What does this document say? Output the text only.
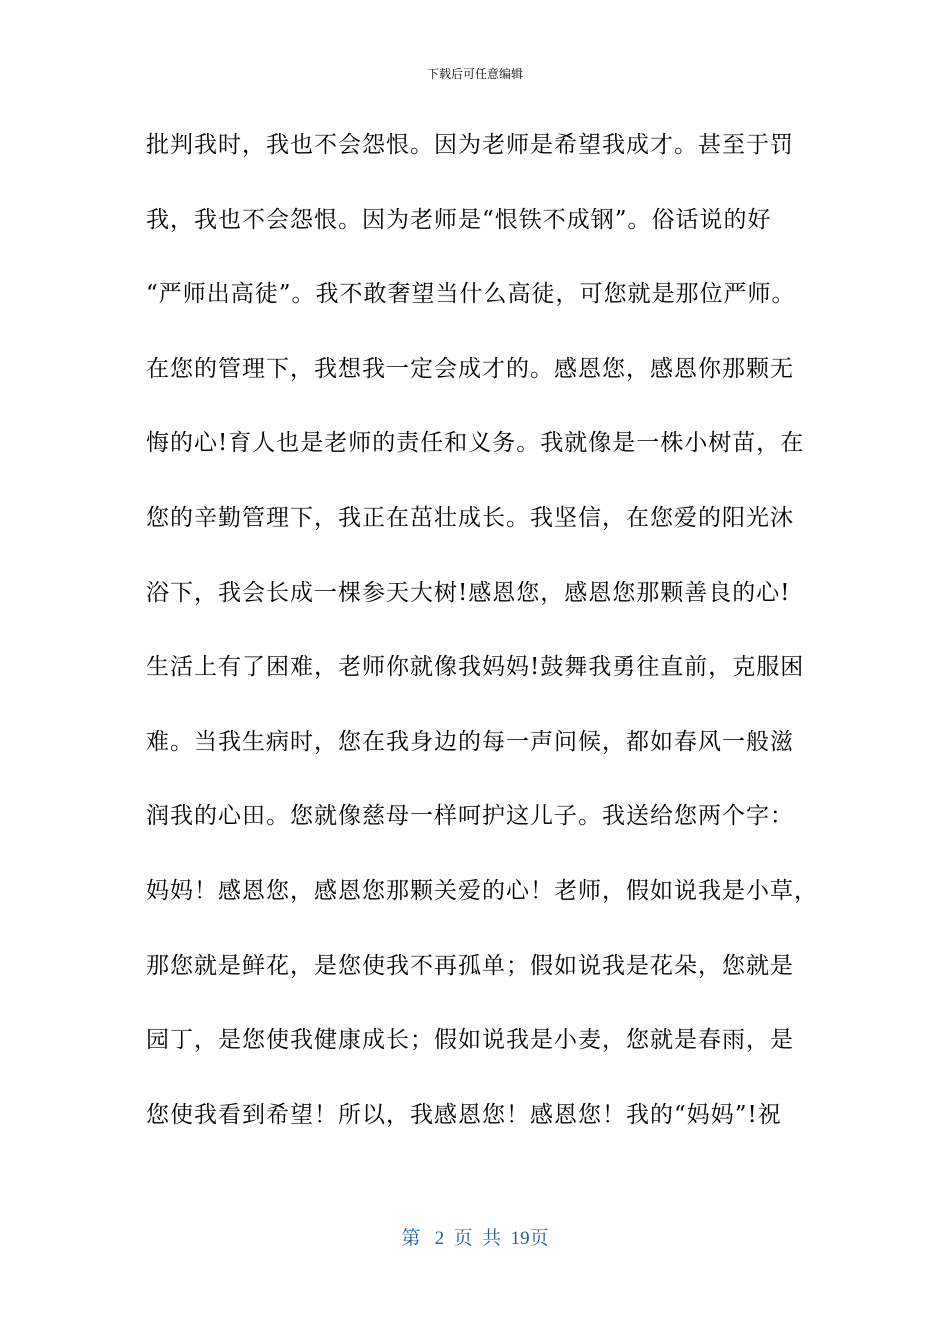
下载后可任意编辑
批判我时，我也不会怨恨。因为老师是希望我成才。甚至于罚
我，我也不会怨恨。因为老师是“恨铁不成钢”。俗话说的好
“严师出高徒”。我不敢奢望当什么高徒，可您就是那位严师。
在您的管理下，我想我一定会成才的。感恩您，感恩你那颗无
悔的心!育人也是老师的责任和义务。我就像是一株小树苗，在
您的辛勤管理下，我正在茁壮成长。我坚信，在您爱的阳光沐
浴下，我会长成一棵参天大树!感恩您，感恩您那颗善良的心!
生活上有了困难，老师你就像我妈妈!鼓舞我勇往直前，克服困
难。当我生病时，您在我身边的每一声问候，都如春风一般滋
润我的心田。您就像慈母一样呵护这儿子。我送给您两个字：
妈妈！感恩您，感恩您那颗关爱的心！老师，假如说我是小草，
那您就是鲜花，是您使我不再孤单；假如说我是花朵，您就是
园丁，是您使我健康成长；假如说我是小麦，您就是春雨，是
您使我看到希望！所以，我感恩您！感恩您！我的“妈妈”!祝
第 2 页 共 19页
